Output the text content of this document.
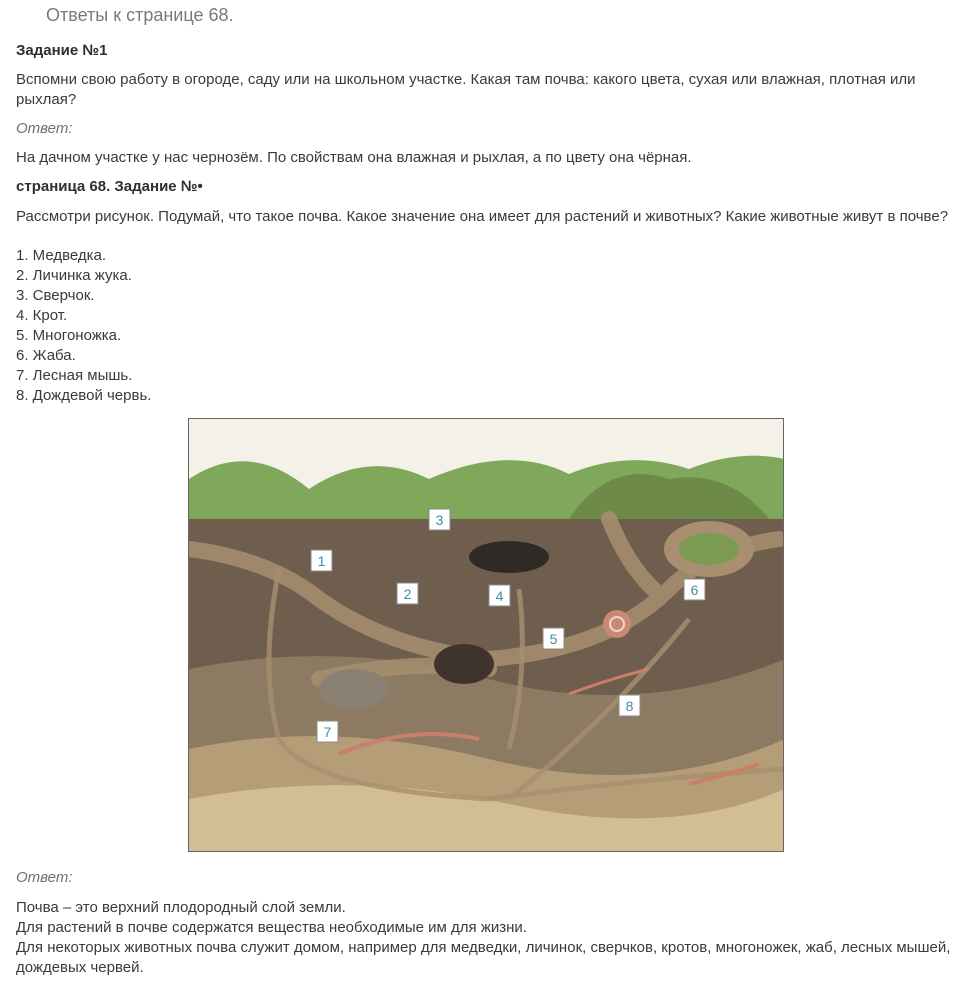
Ответы к странице 68.
Задание №1
Вспомни свою работу в огороде, саду или на школьном участке. Какая там почва: какого цвета, сухая или влажная, плотная или рыхлая?
Ответ:
На дачном участке у нас чернозём. По свойствам она влажная и рыхлая, а по цвету она чёрная.
страница 68. Задание №•
Рассмотри рисунок. Подумай, что такое почва. Какое значение она имеет для растений и животных? Какие животные живут в почве?
1. Медведка.
2. Личинка жука.
3. Сверчок.
4. Крот.
5. Многоножка.
6. Жаба.
7. Лесная мышь.
8. Дождевой червь.
1
2
3
4
5
6
7
8
Ответ:
Почва – это верхний плодородный слой земли.
Для растений в почве содержатся вещества необходимые им для жизни.
Для некоторых животных почва служит домом, например для медведки, личинок, сверчков, кротов, многоножек, жаб, лесных мышей, дождевых червей.
